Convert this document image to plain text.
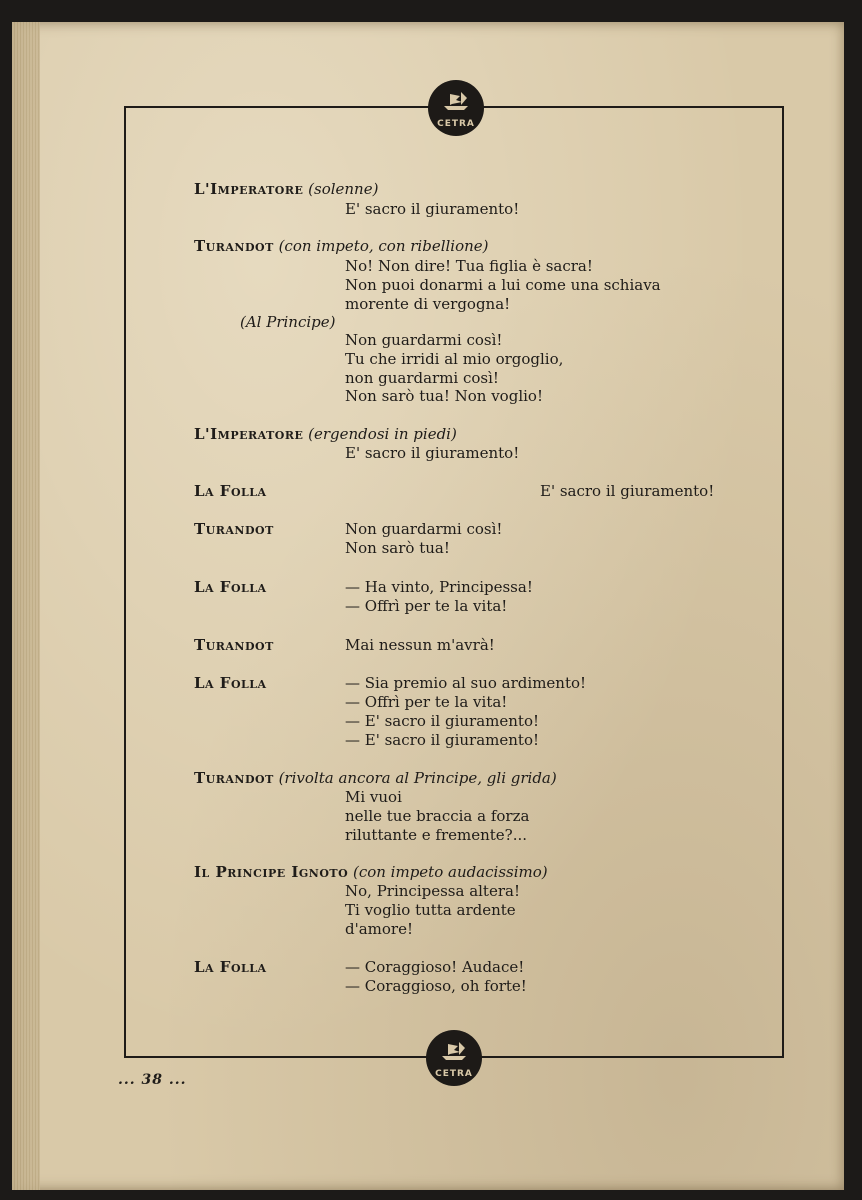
CETRA
CETRA
L'Imperatore (solenne)
E' sacro il giuramento!
Turandot (con impeto, con ribellione)
No! Non dire! Tua figlia è sacra!
Non puoi donarmi a lui come una schiava
morente di vergogna!
(Al Principe)
Non guardarmi così!
Tu che irridi al mio orgoglio,
non guardarmi così!
Non sarò tua! Non voglio!
L'Imperatore (ergendosi in piedi)
E' sacro il giuramento!
La Folla	E' sacro il giuramento!
Turandot	Non guardarmi così!
Non sarò tua!
La Folla	— Ha vinto, Principessa!
— Offrì per te la vita!
Turandot	Mai nessun m'avrà!
La Folla	— Sia premio al suo ardimento!
— Offrì per te la vita!
— E' sacro il giuramento!
— E' sacro il giuramento!
Turandot (rivolta ancora al Principe, gli grida)
Mi vuoi
nelle tue braccia a forza
riluttante e fremente?...
Il Principe Ignoto (con impeto audacissimo)
No, Principessa altera!
Ti voglio tutta ardente
d'amore!
La Folla	— Coraggioso! Audace!
— Coraggioso, oh forte!
... 38 ...
